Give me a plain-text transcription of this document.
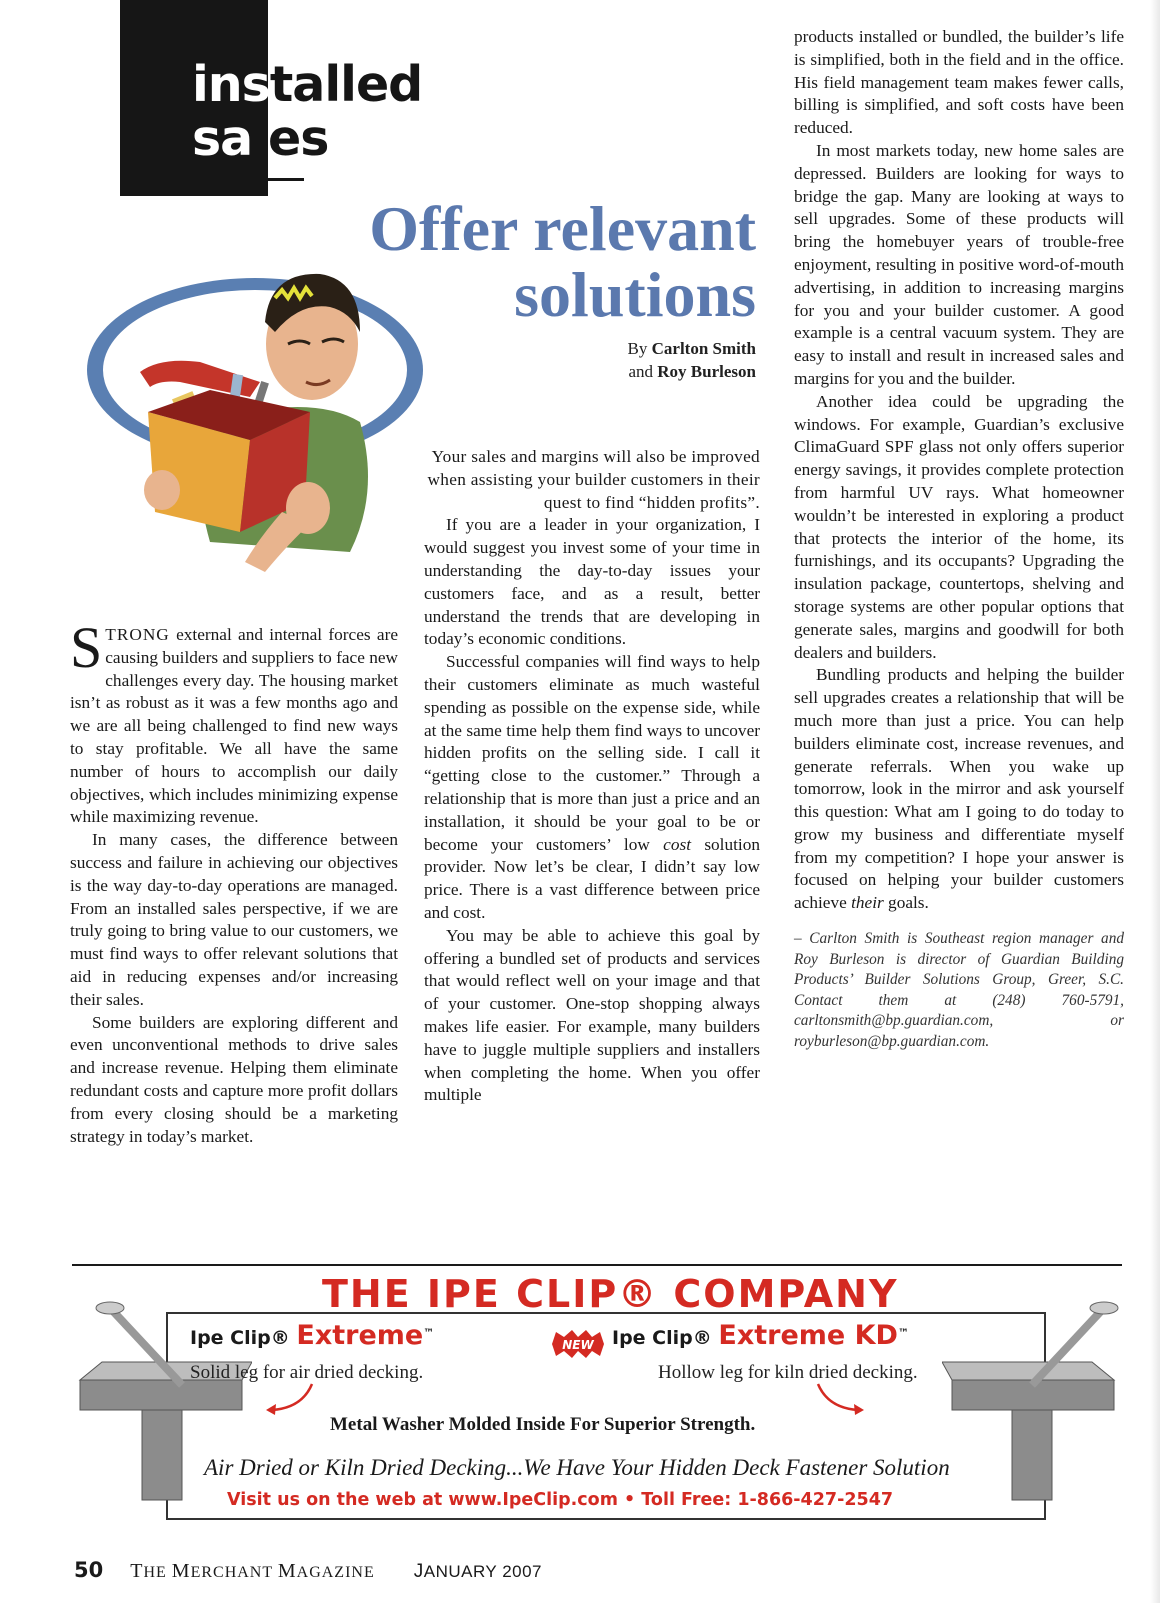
installed
sales
Offer relevant
solutions
By Carlton Smith
and Roy Burleson

STRONG external and internal forces are causing builders and suppliers to face new challenges every day. The housing market isn’t as robust as it was a few months ago and we are all being challenged to find new ways to stay profitable. We all have the same number of hours to accomplish our daily objectives, which includes minimizing expense while maximizing revenue.

In many cases, the difference between success and failure in achieving our objectives is the way day-to-day operations are managed. From an installed sales perspective, if we are truly going to bring value to our customers, we must find ways to offer relevant solutions that aid in reducing expenses and/or increasing their sales.

Some builders are exploring different and even unconventional methods to drive sales and increase revenue. Helping them eliminate redundant costs and capture more profit dollars from every closing should be a marketing strategy in today’s market.

Your sales and margins will also be improved when assisting your builder customers in their quest to find “hidden profits”.

If you are a leader in your organization, I would suggest you invest some of your time in understanding the day-to-day issues your customers face, and as a result, better understand the trends that are developing in today’s economic conditions.

Successful companies will find ways to help their customers eliminate as much wasteful spending as possible on the expense side, while at the same time help them find ways to uncover hidden profits on the selling side. I call it “getting close to the customer.” Through a relationship that is more than just a price and an installation, it should be your goal to be or become your customers’ low cost solution provider. Now let’s be clear, I didn’t say low price. There is a vast difference between price and cost.

You may be able to achieve this goal by offering a bundled set of products and services that would reflect well on your image and that of your customer. One-stop shopping always makes life easier. For example, many builders have to juggle multiple suppliers and installers when completing the home. When you offer multiple

products installed or bundled, the builder’s life is simplified, both in the field and in the office. His field management team makes fewer calls, billing is simplified, and soft costs have been reduced.

In most markets today, new home sales are depressed. Builders are looking for ways to bridge the gap. Many are looking at ways to sell upgrades. Some of these products will bring the homebuyer years of trouble-free enjoyment, resulting in positive word-of-mouth advertising, in addition to increasing margins for you and your builder customer. A good example is a central vacuum system. They are easy to install and result in increased sales and margins for you and the builder.

Another idea could be upgrading the windows. For example, Guardian’s exclusive ClimaGuard SPF glass not only offers superior energy savings, it provides complete protection from harmful UV rays. What homeowner wouldn’t be interested in exploring a product that protects the interior of the home, its furnishings, and its occupants? Upgrading the insulation package, countertops, shelving and storage systems are other popular options that generate sales, margins and goodwill for both dealers and builders.

Bundling products and helping the builder sell upgrades creates a relationship that will be much more than just a price. You can help builders eliminate cost, increase revenues, and generate referrals. When you wake up tomorrow, look in the mirror and ask yourself this question: What am I going to do today to grow my business and differentiate myself from my competition? I hope your answer is focused on helping your builder customers achieve their goals.

– Carlton Smith is Southeast region manager and Roy Burleson is director of Guardian Building Products’ Builder Solutions Group, Greer, S.C. Contact them at (248) 760-5791, carltonsmith@bp.guardian.com, or royburleson@bp.guardian.com.

THE IPE CLIP® COMPANY
Ipe Clip® Extreme™
Solid leg for air dried decking.
NEW Ipe Clip® Extreme KD™
Hollow leg for kiln dried decking.
Metal Washer Molded Inside For Superior Strength.
Air Dried or Kiln Dried Decking...We Have Your Hidden Deck Fastener Solution
Visit us on the web at www.IpeClip.com • Toll Free: 1-866-427-2547
50 THE MERCHANT MAGAZINE JANUARY 2007
